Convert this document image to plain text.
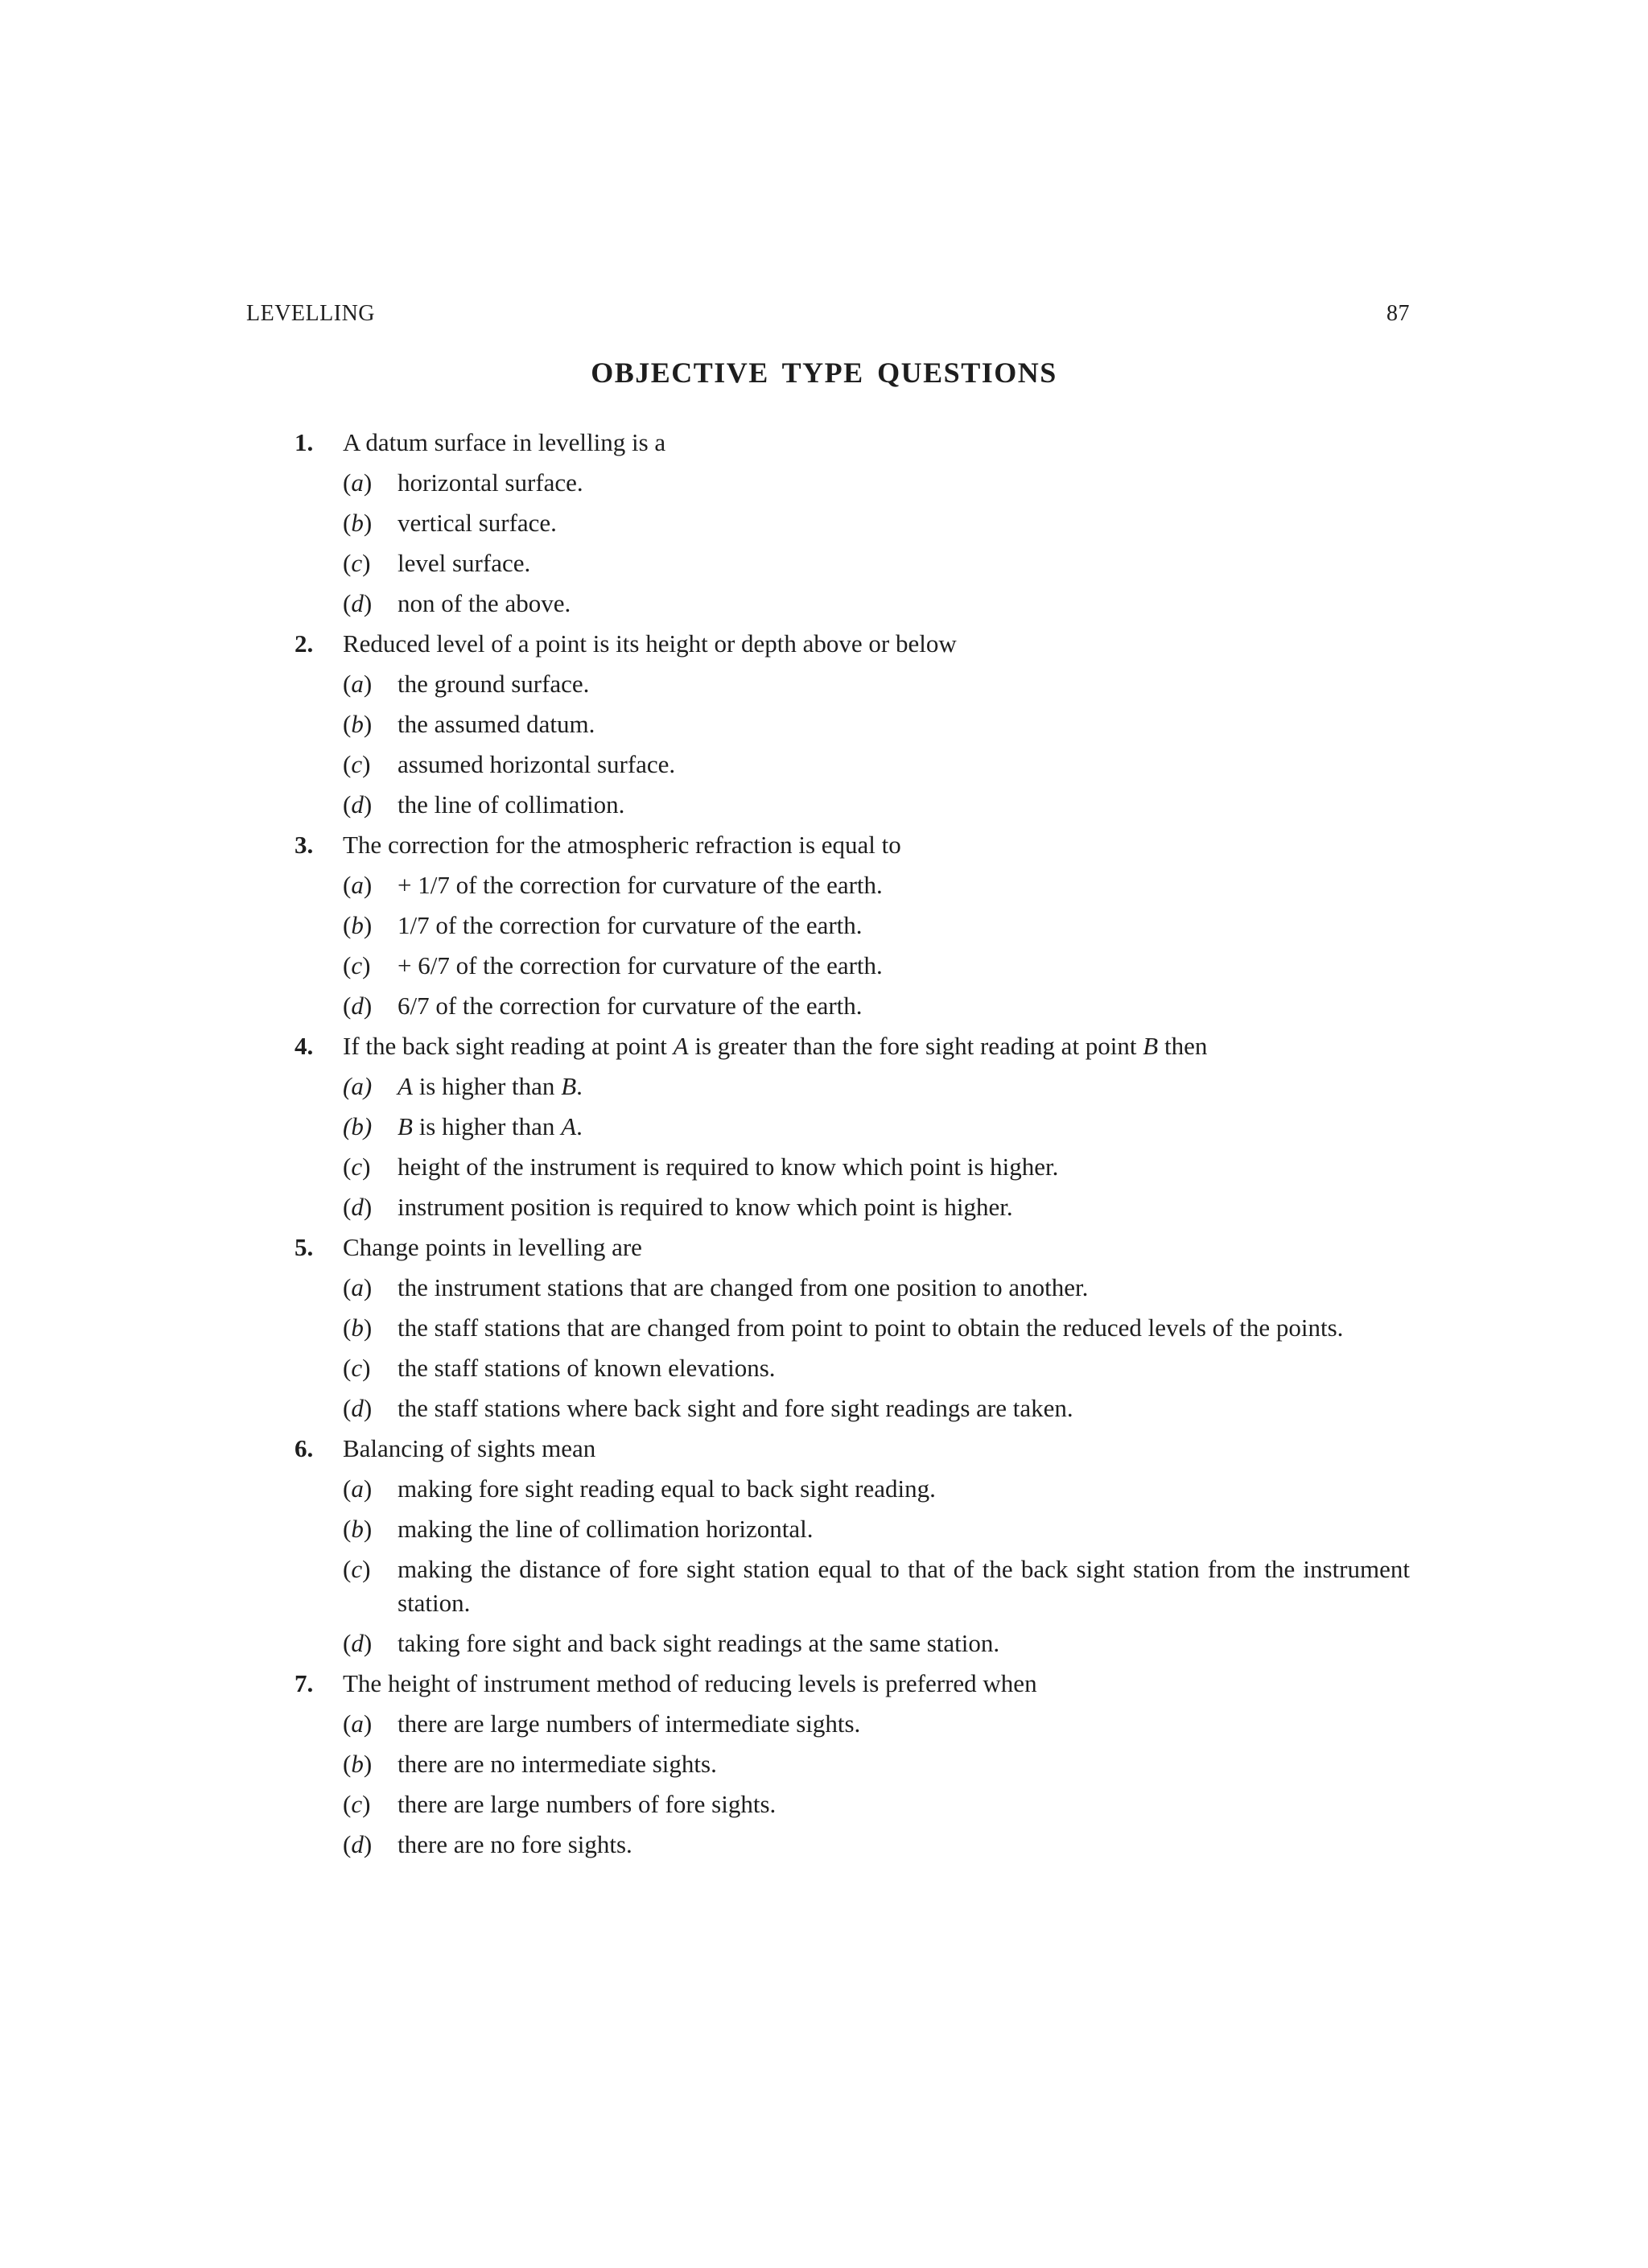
LEVELLING	87
OBJECTIVE TYPE QUESTIONS
1. A datum surface in levelling is a
(a) horizontal surface.
(b) vertical surface.
(c) level surface.
(d) non of the above.
2. Reduced level of a point is its height or depth above or below
(a) the ground surface.
(b) the assumed datum.
(c) assumed horizontal surface.
(d) the line of collimation.
3. The correction for the atmospheric refraction is equal to
(a) + 1/7 of the correction for curvature of the earth.
(b) 1/7 of the correction for curvature of the earth.
(c) + 6/7 of the correction for curvature of the earth.
(d) 6/7 of the correction for curvature of the earth.
4. If the back sight reading at point A is greater than the fore sight reading at point B then
(a) A is higher than B.
(b) B is higher than A.
(c) height of the instrument is required to know which point is higher.
(d) instrument position is required to know which point is higher.
5. Change points in levelling are
(a) the instrument stations that are changed from one position to another.
(b) the staff stations that are changed from point to point to obtain the reduced levels of the points.
(c) the staff stations of known elevations.
(d) the staff stations where back sight and fore sight readings are taken.
6. Balancing of sights mean
(a) making fore sight reading equal to back sight reading.
(b) making the line of collimation horizontal.
(c) making the distance of fore sight station equal to that of the back sight station from the instrument station.
(d) taking fore sight and back sight readings at the same station.
7. The height of instrument method of reducing levels is preferred when
(a) there are large numbers of intermediate sights.
(b) there are no intermediate sights.
(c) there are large numbers of fore sights.
(d) there are no fore sights.
